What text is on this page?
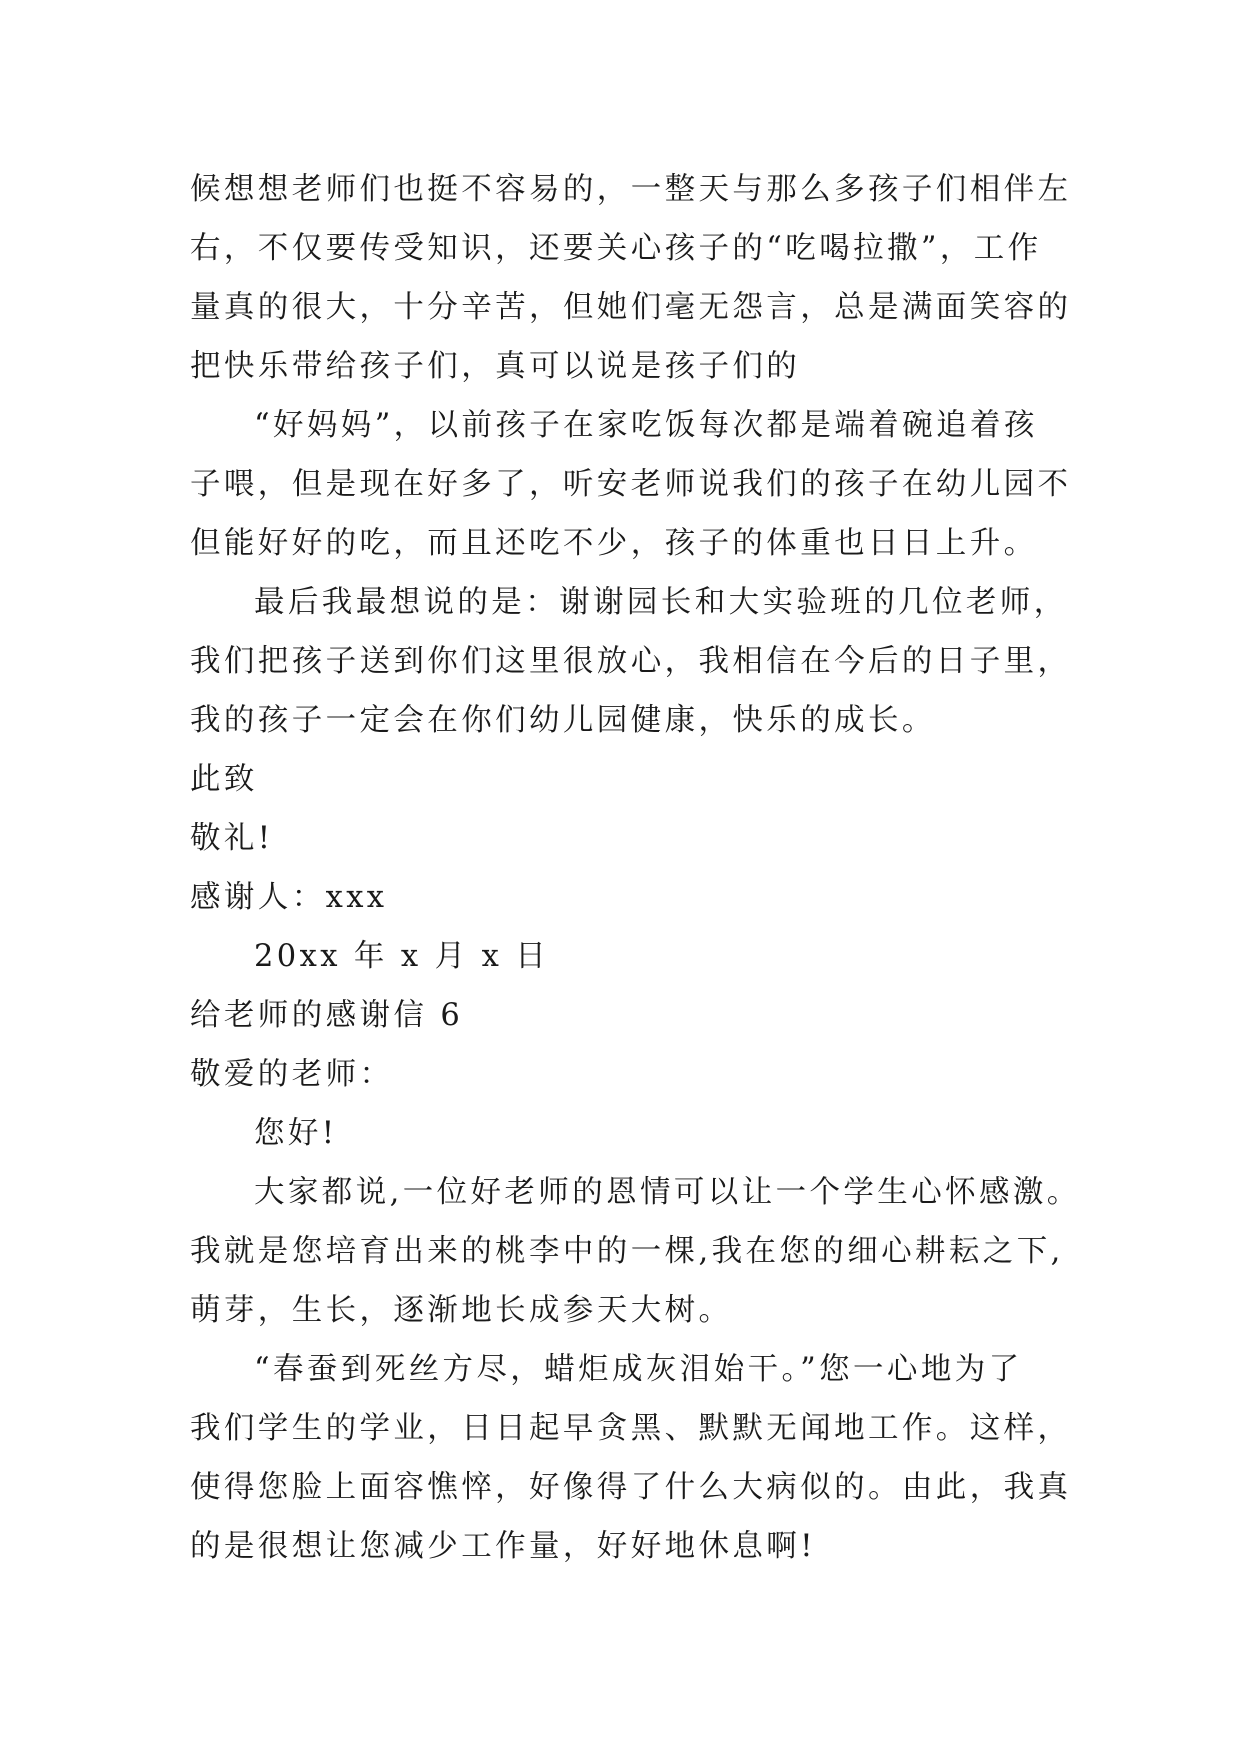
候想想老师们也挺不容易的，一整天与那么多孩子们相伴左
右，不仅要传受知识，还要关心孩子的“吃喝拉撒”，工作
量真的很大，十分辛苦，但她们毫无怨言，总是满面笑容的
把快乐带给孩子们，真可以说是孩子们的
“好妈妈”，以前孩子在家吃饭每次都是端着碗追着孩
子喂，但是现在好多了，听安老师说我们的孩子在幼儿园不
但能好好的吃，而且还吃不少，孩子的体重也日日上升。
最后我最想说的是：谢谢园长和大实验班的几位老师，
我们把孩子送到你们这里很放心，我相信在今后的日子里，
我的孩子一定会在你们幼儿园健康，快乐的成长。
此致
敬礼!
感谢人：xxx
20xx 年 x 月 x 日
给老师的感谢信 6
敬爱的老师：
您好!
大家都说,一位好老师的恩情可以让一个学生心怀感激。
我就是您培育出来的桃李中的一棵,我在您的细心耕耘之下,
萌芽，生长，逐渐地长成参天大树。
“春蚕到死丝方尽，蜡炬成灰泪始干。”您一心地为了
我们学生的学业，日日起早贪黑、默默无闻地工作。这样，
使得您脸上面容憔悴，好像得了什么大病似的。由此，我真
的是很想让您减少工作量，好好地休息啊!
